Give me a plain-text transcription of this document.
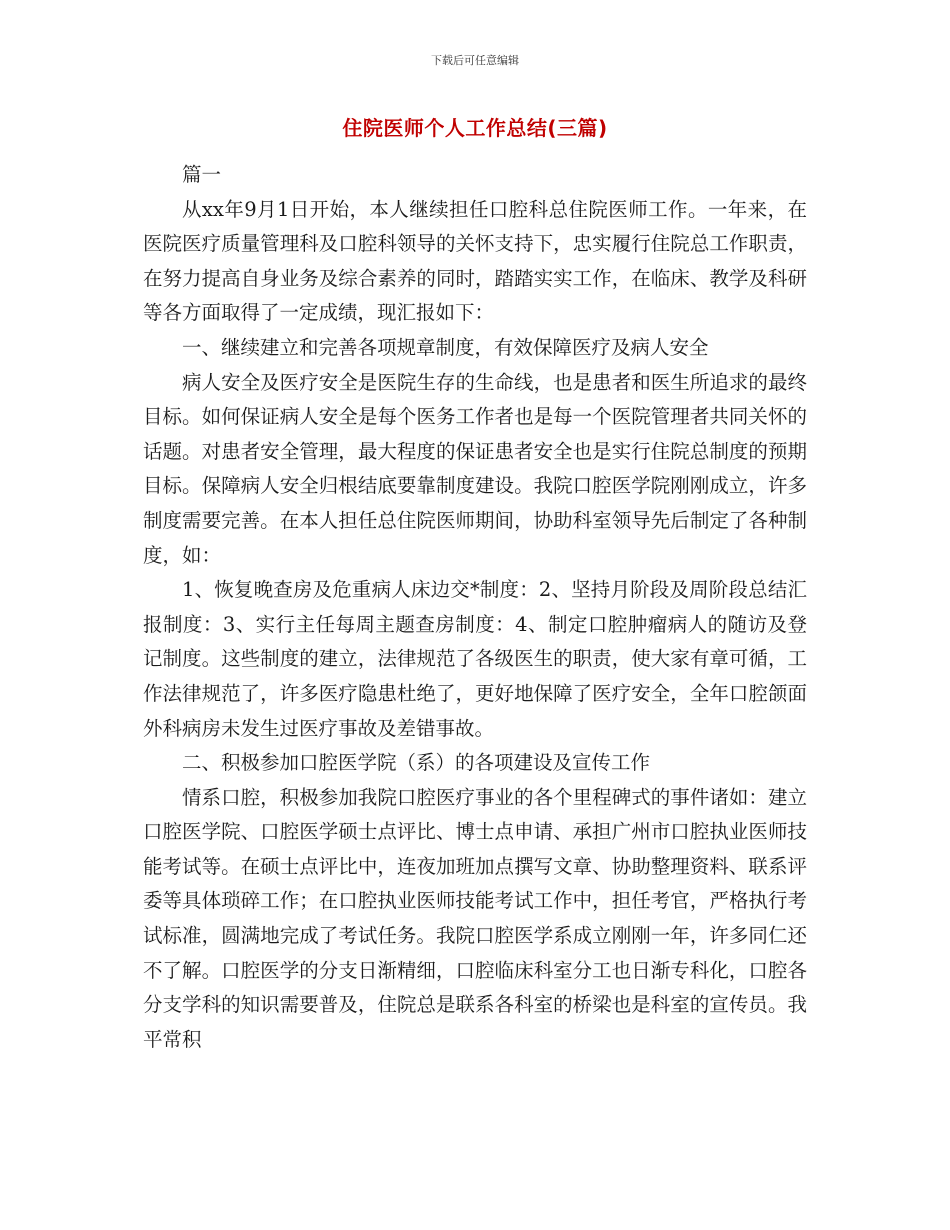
下载后可任意编辑
住院医师个人工作总结(三篇)

篇一

从xx年9月1日开始，本人继续担任口腔科总住院医师工作。一年来，在医院医疗质量管理科及口腔科领导的关怀支持下，忠实履行住院总工作职责，在努力提高自身业务及综合素养的同时，踏踏实实工作，在临床、教学及科研等各方面取得了一定成绩，现汇报如下：

一、继续建立和完善各项规章制度，有效保障医疗及病人安全

病人安全及医疗安全是医院生存的生命线，也是患者和医生所追求的最终目标。如何保证病人安全是每个医务工作者也是每一个医院管理者共同关怀的话题。对患者安全管理，最大程度的保证患者安全也是实行住院总制度的预期目标。保障病人安全归根结底要靠制度建设。我院口腔医学院刚刚成立，许多制度需要完善。在本人担任总住院医师期间，协助科室领导先后制定了各种制度，如：

1、恢复晚查房及危重病人床边交*制度：2、坚持月阶段及周阶段总结汇报制度：3、实行主任每周主题查房制度：4、制定口腔肿瘤病人的随访及登记制度。这些制度的建立，法律规范了各级医生的职责，使大家有章可循，工作法律规范了，许多医疗隐患杜绝了，更好地保障了医疗安全，全年口腔颌面外科病房未发生过医疗事故及差错事故。

二、积极参加口腔医学院（系）的各项建设及宣传工作

情系口腔，积极参加我院口腔医疗事业的各个里程碑式的事件诸如：建立口腔医学院、口腔医学硕士点评比、博士点申请、承担广州市口腔执业医师技能考试等。在硕士点评比中，连夜加班加点撰写文章、协助整理资料、联系评委等具体琐碎工作；在口腔执业医师技能考试工作中，担任考官，严格执行考试标准，圆满地完成了考试任务。我院口腔医学系成立刚刚一年，许多同仁还不了解。口腔医学的分支日渐精细，口腔临床科室分工也日渐专科化，口腔各分支学科的知识需要普及，住院总是联系各科室的桥梁也是科室的宣传员。我平常积
